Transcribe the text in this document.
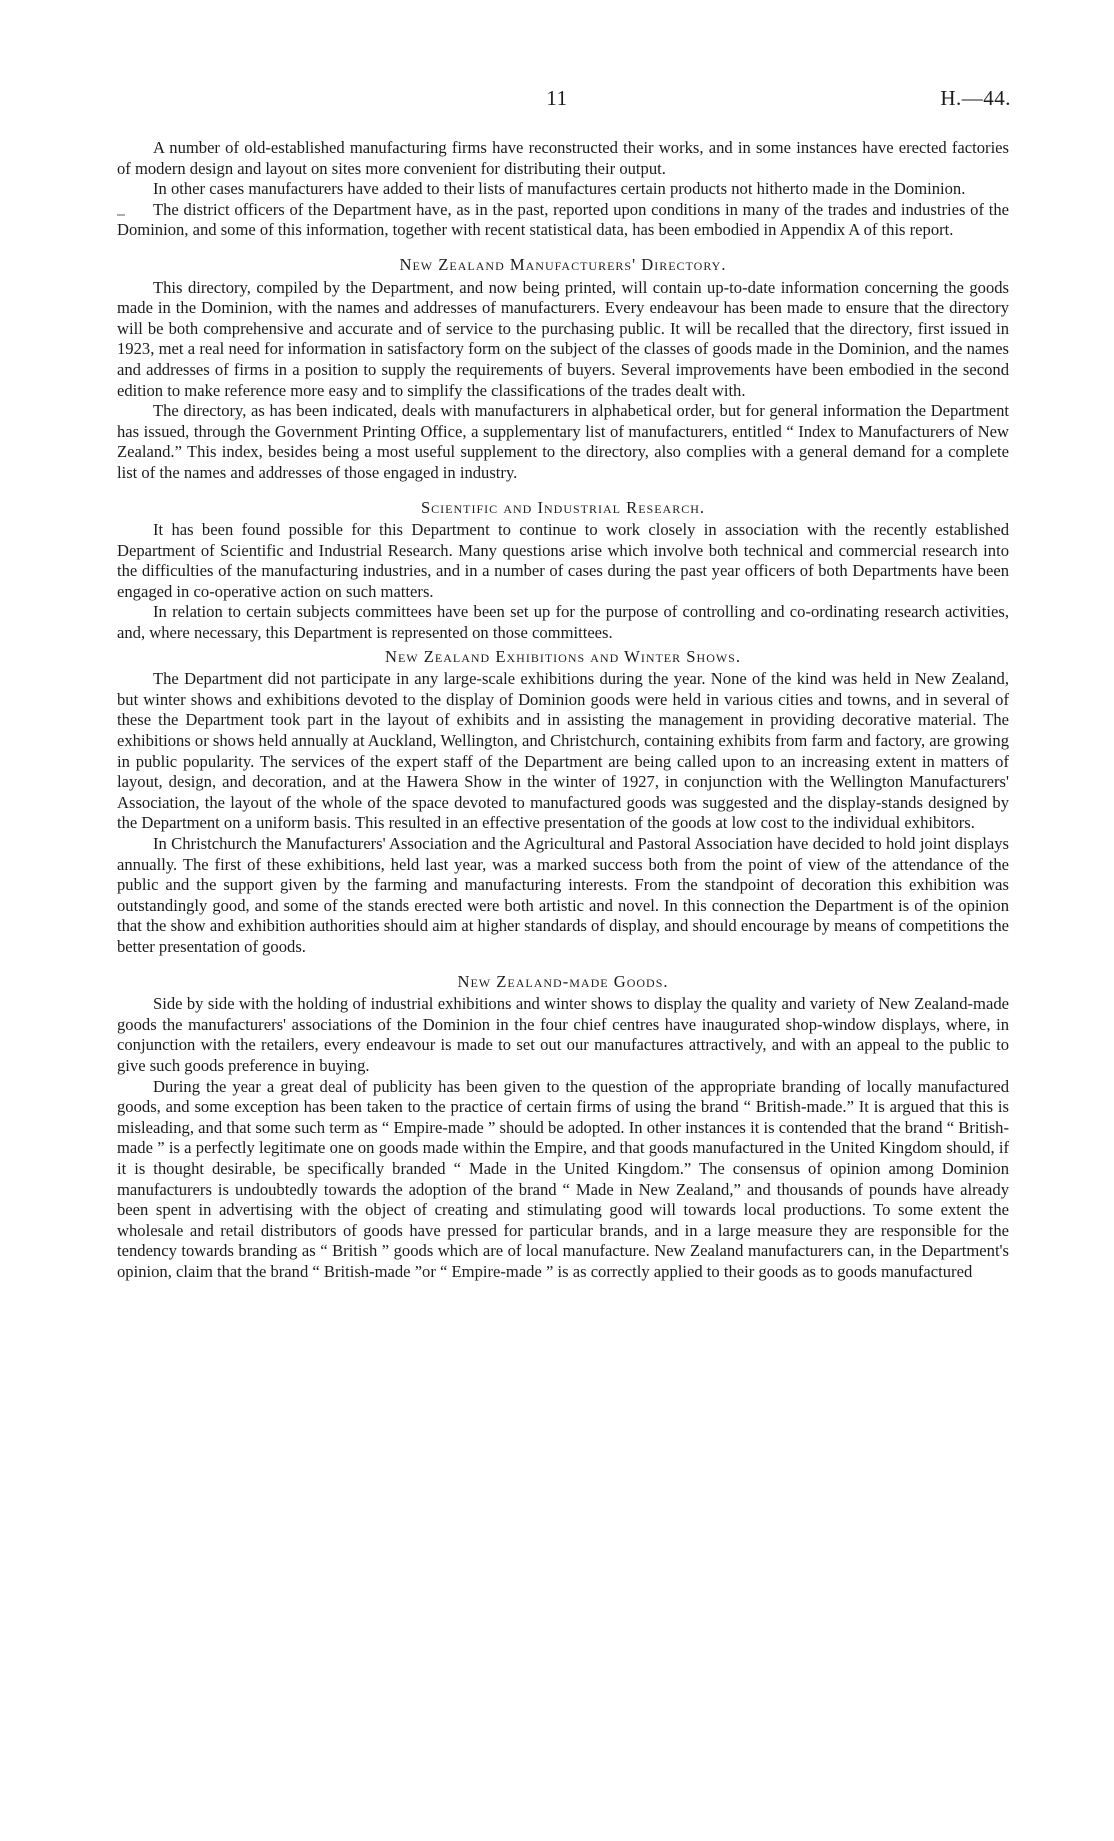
11	H.—44.

A number of old-established manufacturing firms have reconstructed their works, and in some instances have erected factories of modern design and layout on sites more convenient for distributing their output.

In other cases manufacturers have added to their lists of manufactures certain products not hitherto made in the Dominion.

The district officers of the Department have, as in the past, reported upon conditions in many of the trades and industries of the Dominion, and some of this information, together with recent statistical data, has been embodied in Appendix A of this report.

New Zealand Manufacturers' Directory.

This directory, compiled by the Department, and now being printed, will contain up-to-date information concerning the goods made in the Dominion, with the names and addresses of manufacturers. Every endeavour has been made to ensure that the directory will be both comprehensive and accurate and of service to the purchasing public. It will be recalled that the directory, first issued in 1923, met a real need for information in satisfactory form on the subject of the classes of goods made in the Dominion, and the names and addresses of firms in a position to supply the requirements of buyers. Several improvements have been embodied in the second edition to make reference more easy and to simplify the classifications of the trades dealt with.

The directory, as has been indicated, deals with manufacturers in alphabetical order, but for general information the Department has issued, through the Government Printing Office, a supplementary list of manufacturers, entitled “ Index to Manufacturers of New Zealand.” This index, besides being a most useful supplement to the directory, also complies with a general demand for a complete list of the names and addresses of those engaged in industry.

Scientific and Industrial Research.

It has been found possible for this Department to continue to work closely in association with the recently established Department of Scientific and Industrial Research. Many questions arise which involve both technical and commercial research into the difficulties of the manufacturing industries, and in a number of cases during the past year officers of both Departments have been engaged in co-operative action on such matters.

In relation to certain subjects committees have been set up for the purpose of controlling and co-ordinating research activities, and, where necessary, this Department is represented on those committees.

New Zealand Exhibitions and Winter Shows.

The Department did not participate in any large-scale exhibitions during the year. None of the kind was held in New Zealand, but winter shows and exhibitions devoted to the display of Dominion goods were held in various cities and towns, and in several of these the Department took part in the layout of exhibits and in assisting the management in providing decorative material. The exhibitions or shows held annually at Auckland, Wellington, and Christchurch, containing exhibits from farm and factory, are growing in public popularity. The services of the expert staff of the Department are being called upon to an increasing extent in matters of layout, design, and decoration, and at the Hawera Show in the winter of 1927, in conjunction with the Wellington Manufacturers' Association, the layout of the whole of the space devoted to manufactured goods was suggested and the display-stands designed by the Department on a uniform basis. This resulted in an effective presentation of the goods at low cost to the individual exhibitors.

In Christchurch the Manufacturers' Association and the Agricultural and Pastoral Association have decided to hold joint displays annually. The first of these exhibitions, held last year, was a marked success both from the point of view of the attendance of the public and the support given by the farming and manufacturing interests. From the standpoint of decoration this exhibition was outstandingly good, and some of the stands erected were both artistic and novel. In this connection the Department is of the opinion that the show and exhibition authorities should aim at higher standards of display, and should encourage by means of competitions the better presentation of goods.

New Zealand-made Goods.

Side by side with the holding of industrial exhibitions and winter shows to display the quality and variety of New Zealand-made goods the manufacturers' associations of the Dominion in the four chief centres have inaugurated shop-window displays, where, in conjunction with the retailers, every endeavour is made to set out our manufactures attractively, and with an appeal to the public to give such goods preference in buying.

During the year a great deal of publicity has been given to the question of the appropriate branding of locally manufactured goods, and some exception has been taken to the practice of certain firms of using the brand “ British-made.” It is argued that this is misleading, and that some such term as “ Empire-made ” should be adopted. In other instances it is contended that the brand “ British-made ” is a perfectly legitimate one on goods made within the Empire, and that goods manufactured in the United Kingdom should, if it is thought desirable, be specifically branded “ Made in the United Kingdom.” The consensus of opinion among Dominion manufacturers is undoubtedly towards the adoption of the brand “ Made in New Zealand,” and thousands of pounds have already been spent in advertising with the object of creating and stimulating good will towards local productions. To some extent the wholesale and retail distributors of goods have pressed for particular brands, and in a large measure they are responsible for the tendency towards branding as “ British ” goods which are of local manufacture. New Zealand manufacturers can, in the Department's opinion, claim that the brand “ British-made ”or “ Empire-made ” is as correctly applied to their goods as to goods manufactured
